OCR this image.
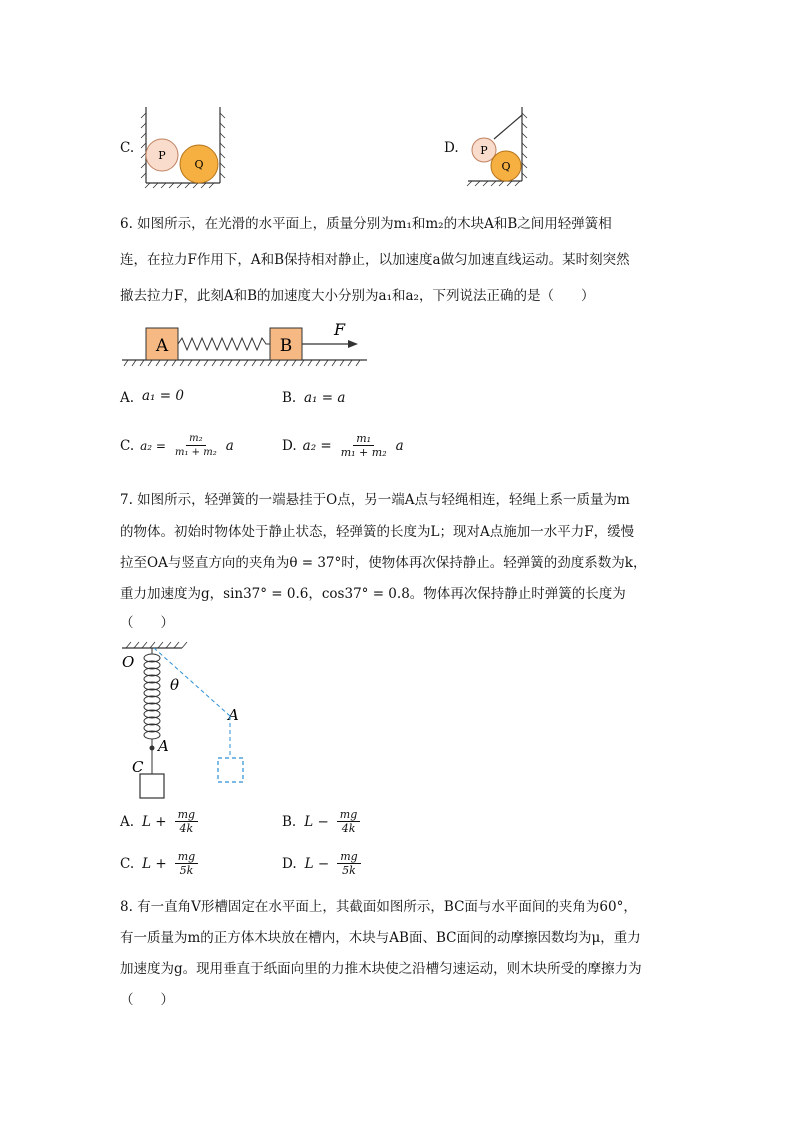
C. P
Q
D. P
Q
6. 如图所示，在光滑的水平面上，质量分别为m₁和m₂的木块A和B之间用轻弹簧相
连，在拉力F作用下，A和B保持相对静止，以加速度a做匀加速直线运动。某时刻突然
撤去拉力F，此刻A和B的加速度大小分别为a₁和a₂，下列说法正确的是（　　）
A	B
F
A. a₁ = 0	B. a₁ = a
C. $a_2 = \frac{\text{m₂}}{\text{m₁ + m₂}}$ a	D. $a_2 = \frac{\text{m₁}}{\text{m₁ + m₂}}$ a
7. 如图所示，轻弹簧的一端悬挂于O点，另一端A点与轻绳相连，轻绳上系一质量为m
的物体。初始时物体处于静止状态，轻弹簧的长度为L；现对A点施加一水平力F，缓慢
拉至OA与竖直方向的夹角为θ = 37°时，使物体再次保持静止。轻弹簧的劲度系数为k，
重力加速度为g，sin37° = 0.6，cos37° = 0.8。物体再次保持静止时弹簧的长度为
（　　）
O
A
C
θ
A
A. $L + \frac{mg}{4k}$	B. $L - \frac{mg}{4k}$
C. $L + \frac{mg}{5k}$	D. $L - \frac{mg}{5k}$
8. 有一直角V形槽固定在水平面上，其截面如图所示，BC面与水平面间的夹角为60°，
有一质量为m的正方体木块放在槽内，木块与AB面、BC面间的动摩擦因数均为μ，重力
加速度为g。现用垂直于纸面向里的力推木块使之沿槽匀速运动，则木块所受的摩擦力为
（　　）
